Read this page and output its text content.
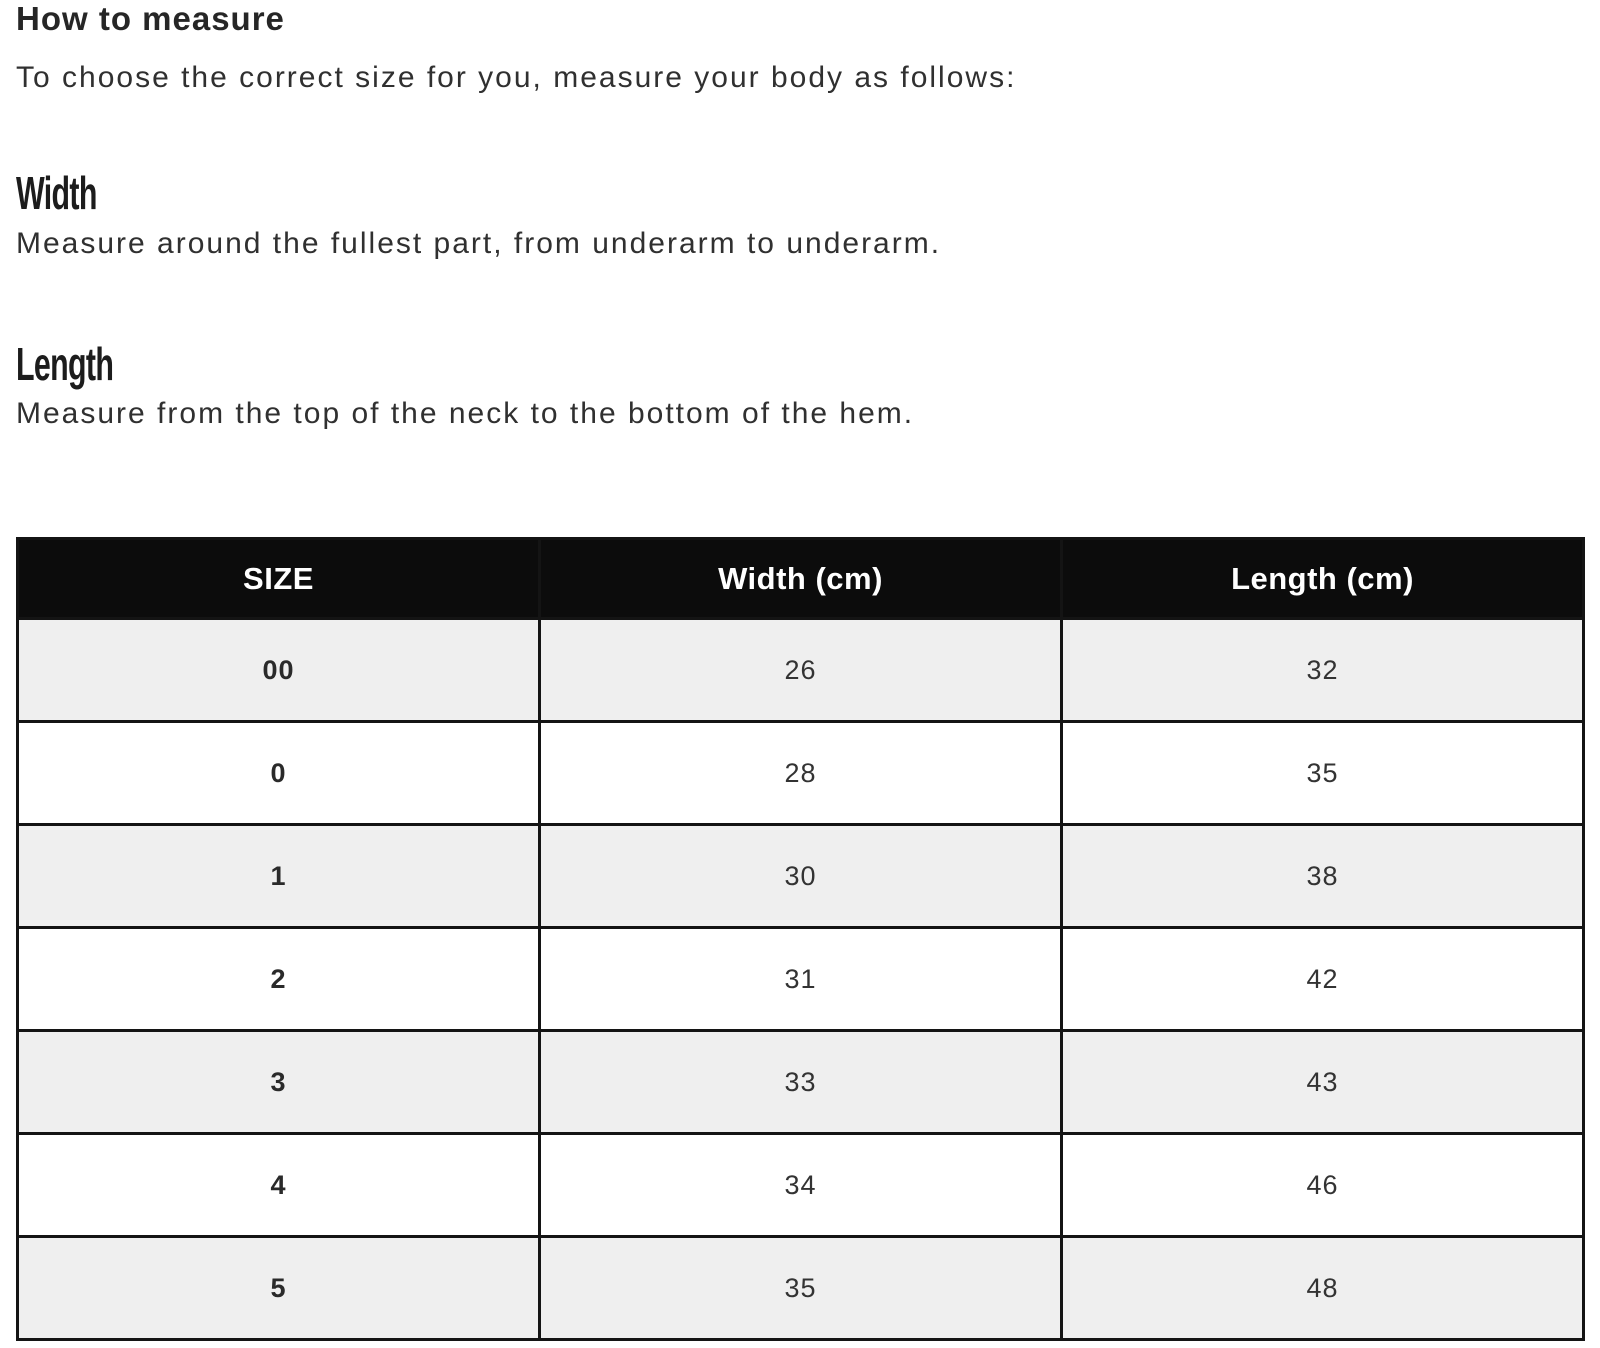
How to measure
To choose the correct size for you, measure your body as follows:
Width
Measure around the fullest part, from underarm to underarm.
Length
Measure from the top of the neck to the bottom of the hem.
SIZE	Width (cm)	Length (cm)
00	26	32
0	28	35
1	30	38
2	31	42
3	33	43
4	34	46
5	35	48
